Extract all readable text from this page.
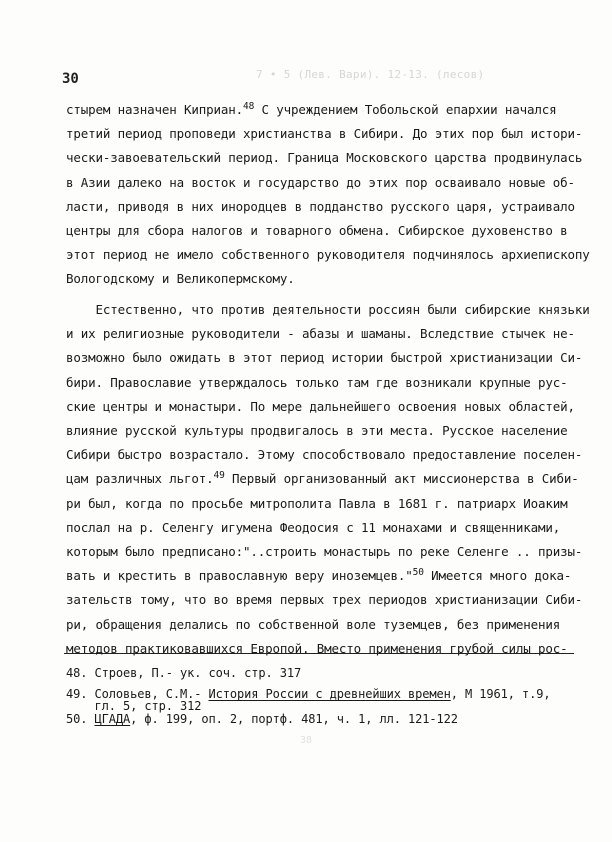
7 • 5 (Лев. Вари). 12-13. (лесов)
38
30
стырем назначен Киприан.$^{48}$ С учреждением Тобольской епархии начался
третий период проповеди христианства в Сибири. До этих пор был истори-
чески-завоевательский период. Граница Московского царства продвинулась
в Азии далеко на восток и государство до этих пор осваивало новые об-
ласти, приводя в них инородцев в подданство русского царя, устраивало
центры для сбора налогов и товарного обмена. Сибирское духовенство в
этот период не имело собственного руководителя подчинялось архиепископу
Вологодскому и Великопермскому.
Естественно, что против деятельности россиян были сибирские князьки
и их религиозные руководители - абазы и шаманы. Вследствие стычек не-
возможно было ожидать в этот период истории быстрой христианизации Си-
бири. Православие утверждалось только там где возникали крупные рус-
ские центры и монастыри. По мере дальнейшего освоения новых областей,
влияние русской культуры продвигалось в эти места. Русское население
Сибири быстро возрастало. Этому способствовало предоставление поселен-
цам различных льгот.$^{49}$ Первый организованный акт миссионерства в Сиби-
ри был, когда по просьбе митрополита Павла в 1681 г. патриарх Иоаким
послал на р. Селенгу игумена Феодосия с 11 монахами и священниками,
которым было предписано:"..строить монастырь по реке Селенге .. призы-
вать и крестить в православную веру иноземцев."$^{50}$ Имеется много дока-
зательств тому, что во время первых трех периодов христианизации Сиби-
ри, обращения делались по собственной воле туземцев, без применения
методов практиковавшихся Европой. Вместо применения грубой силы рос-
48. Строев, П.- ук. соч. стр. 317
49. Соловьев, С.М.- История России с древнейших времен, М 1961, т.9,
гл. 5, стр. 312
50. ЦГАДА, ф. 199, оп. 2, портф. 481, ч. 1, лл. 121-122
